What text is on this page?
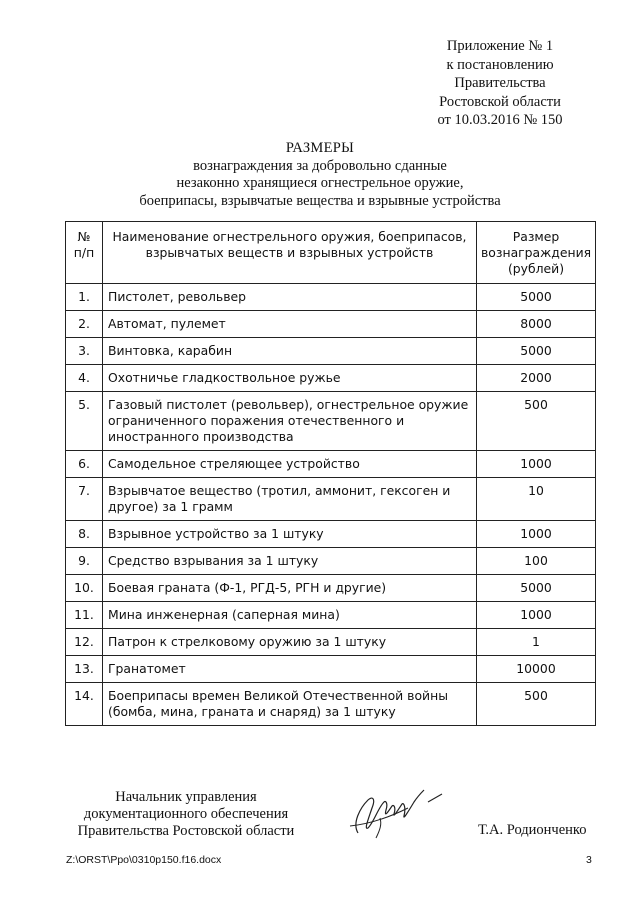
Приложение № 1
к постановлению
Правительства
Ростовской области
от 10.03.2016 № 150
РАЗМЕРЫ
вознаграждения за добровольно сданные
незаконно хранящиеся огнестрельное оружие,
боеприпасы, взрывчатые вещества и взрывные устройства
№ п/п	Наименование огнестрельного оружия, боеприпасов, взрывчатых веществ и взрывных устройств	Размер вознаграждения (рублей)
1.	Пистолет, револьвер	5000
2.	Автомат, пулемет	8000
3.	Винтовка, карабин	5000
4.	Охотничье гладкоствольное ружье	2000
5.	Газовый пистолет (револьвер), огнестрельное оружие ограниченного поражения отечественного и иностранного производства	500
6.	Самодельное стреляющее устройство	1000
7.	Взрывчатое вещество (тротил, аммонит, гексоген и другое) за 1 грамм	10
8.	Взрывное устройство за 1 штуку	1000
9.	Средство взрывания за 1 штуку	100
10.	Боевая граната (Ф-1, РГД-5, РГН и другие)	5000
11.	Мина инженерная (саперная мина)	1000
12.	Патрон к стрелковому оружию за 1 штуку	1
13.	Гранатомет	10000
14.	Боеприпасы времен Великой Отечественной войны (бомба, мина, граната и снаряд) за 1 штуку	500
Начальник управления
документационного обеспечения
Правительства Ростовской области	Т.А. Родионченко
Z:\ORST\Ppo\0310p150.f16.docx	3
